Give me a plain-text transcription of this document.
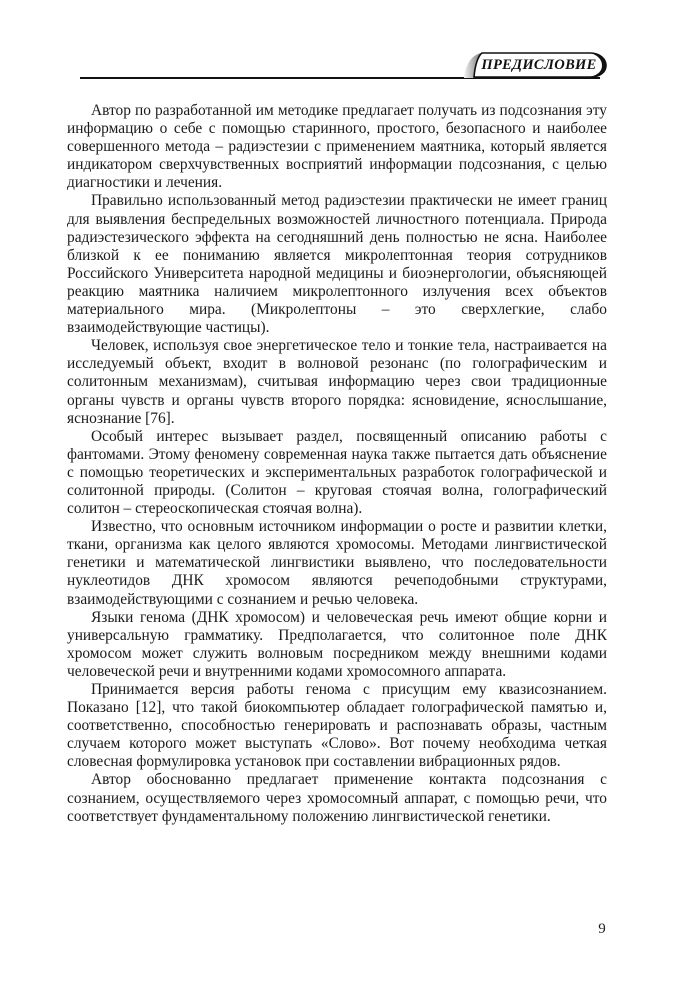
ПРЕДИСЛОВИЕ

Автор по разработанной им методике предлагает получать из подсознания эту информацию о себе с помощью старинного, простого, безопасного и наиболее совершенного метода – радиэстезии с применением маятника, который является индикатором сверхчувственных восприятий информации подсознания, с целью диагностики и лечения.

Правильно использованный метод радиэстезии практически не имеет границ для выявления беспредельных возможностей личностного потенциала. Природа радиэстезического эффекта на сегодняшний день полностью не ясна. Наиболее близкой к ее пониманию является микролептонная теория сотрудников Российского Университета народной медицины и биоэнергологии, объясняющей реакцию маятника наличием микролептонного излучения всех объектов материального мира. (Микролептоны – это сверхлегкие, слабо взаимодействующие частицы).

Человек, используя свое энергетическое тело и тонкие тела, настраивается на исследуемый объект, входит в волновой резонанс (по голографическим и солитонным механизмам), считывая информацию через свои традиционные органы чувств и органы чувств второго порядка: ясновидение, яснослышание, яснознание [76].

Особый интерес вызывает раздел, посвященный описанию работы с фантомами. Этому феномену современная наука также пытается дать объяснение с помощью теоретических и экспериментальных разработок голографической и солитонной природы. (Солитон – круговая стоячая волна, голографический солитон – стереоскопическая стоячая волна).

Известно, что основным источником информации о росте и развитии клетки, ткани, организма как целого являются хромосомы. Методами лингвистической генетики и математической лингвистики выявлено, что последовательности нуклеотидов ДНК хромосом являются речеподобными структурами, взаимодействующими с сознанием и речью человека.

Языки генома (ДНК хромосом) и человеческая речь имеют общие корни и универсальную грамматику. Предполагается, что солитонное поле ДНК хромосом может служить волновым посредником между внешними кодами человеческой речи и внутренними кодами хромосомного аппарата.

Принимается версия работы генома с присущим ему квазисознанием. Показано [12], что такой биокомпьютер обладает голографической памятью и, соответственно, способностью генерировать и распознавать образы, частным случаем которого может выступать «Слово». Вот почему необходима четкая словесная формулировка установок при составлении вибрационных рядов.

Автор обоснованно предлагает применение контакта подсознания с сознанием, осуществляемого через хромосомный аппарат, с помощью речи, что соответствует фундаментальному положению лингвистической генетики.

9
